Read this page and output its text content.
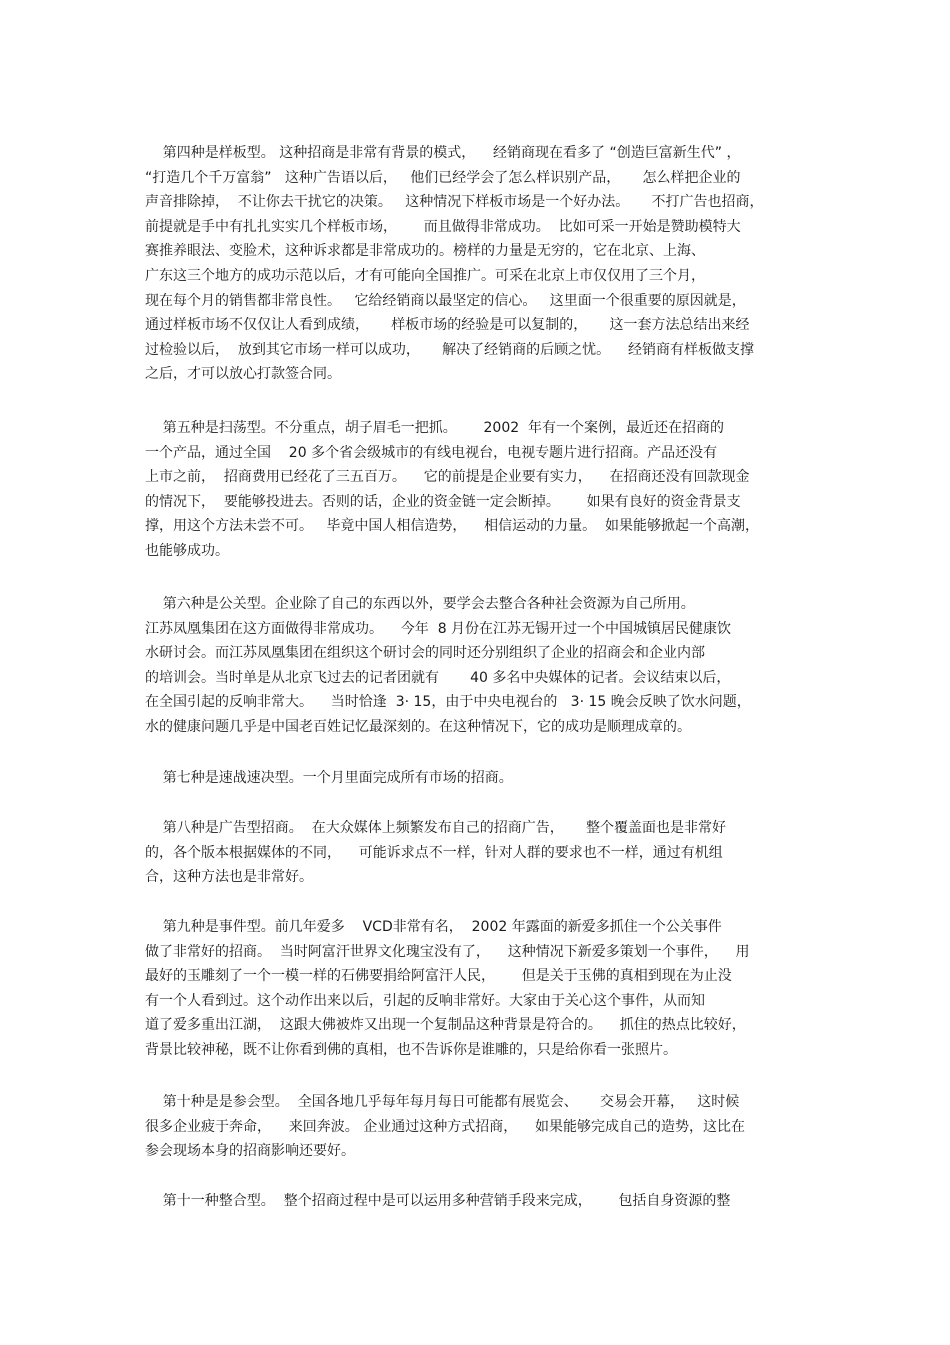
第四种是样板型。 这种招商是非常有背景的模式，    经销商现在看多了 “创造巨富新生代” ，
“打造几个千万富翁”   这种广告语以后，   他们已经学会了怎么样识别产品，     怎么样把企业的
声音排除掉，  不让你去干扰它的决策。   这种情况下样板市场是一个好办法。     不打广告也招商，
前提就是手中有扎扎实实几个样板市场，      而且做得非常成功。  比如可采一开始是赞助模特大
赛推养眼法、变脸术，这种诉求都是非常成功的。榜样的力量是无穷的，它在北京、上海、
广东这三个地方的成功示范以后，才有可能向全国推广。可采在北京上市仅仅用了三个月，
现在每个月的销售都非常良性。   它给经销商以最坚定的信心。   这里面一个很重要的原因就是，
通过样板市场不仅仅让人看到成绩，     样板市场的经验是可以复制的，     这一套方法总结出来经
过检验以后，  放到其它市场一样可以成功，     解决了经销商的后顾之忧。    经销商有样板做支撑
之后，才可以放心打款签合同。
第五种是扫荡型。不分重点，胡子眉毛一把抓。      2002  年有一个案例，最近还在招商的
一个产品，通过全国    20 多个省会级城市的有线电视台，电视专题片进行招商。产品还没有
上市之前，  招商费用已经花了三五百万。    它的前提是企业要有实力，    在招商还没有回款现金
的情况下，  要能够投进去。否则的话，企业的资金链一定会断掉。      如果有良好的资金背景支
撑，用这个方法未尝不可。   毕竟中国人相信造势，    相信运动的力量。  如果能够掀起一个高潮，
也能够成功。
第六种是公关型。企业除了自己的东西以外，要学会去整合各种社会资源为自己所用。
江苏凤凰集团在这方面做得非常成功。    今年  8 月份在江苏无锡开过一个中国城镇居民健康饮
水研讨会。而江苏凤凰集团在组织这个研讨会的同时还分别组织了企业的招商会和企业内部
的培训会。当时单是从北京飞过去的记者团就有       40 多名中央媒体的记者。会议结束以后，
在全国引起的反响非常大。    当时恰逢  3· 15，由于中央电视台的   3· 15 晚会反映了饮水问题，
水的健康问题几乎是中国老百姓记忆最深刻的。在这种情况下，它的成功是顺理成章的。
第七种是速战速决型。一个月里面完成所有市场的招商。
第八种是广告型招商。  在大众媒体上频繁发布自己的招商广告，     整个覆盖面也是非常好
的，各个版本根据媒体的不同，    可能诉求点不一样，针对人群的要求也不一样，通过有机组
合，这种方法也是非常好。
第九种是事件型。前几年爱多    VCD非常有名，  2002 年露面的新爱多抓住一个公关事件
做了非常好的招商。  当时阿富汗世界文化瑰宝没有了，    这种情况下新爱多策划一个事件，    用
最好的玉雕刻了一个一模一样的石佛要捐给阿富汗人民，      但是关于玉佛的真相到现在为止没
有一个人看到过。这个动作出来以后，引起的反响非常好。大家由于关心这个事件，从而知
道了爱多重出江湖，  这跟大佛被炸又出现一个复制品这种背景是符合的。    抓住的热点比较好，
背景比较神秘，既不让你看到佛的真相，也不告诉你是谁雕的，只是给你看一张照片。
第十种是是参会型。  全国各地几乎每年每月每日可能都有展览会、     交易会开幕，   这时候
很多企业疲于奔命，    来回奔波。 企业通过这种方式招商，    如果能够完成自己的造势，这比在
参会现场本身的招商影响还要好。
第十一种整合型。  整个招商过程中是可以运用多种营销手段来完成，      包括自身资源的整
